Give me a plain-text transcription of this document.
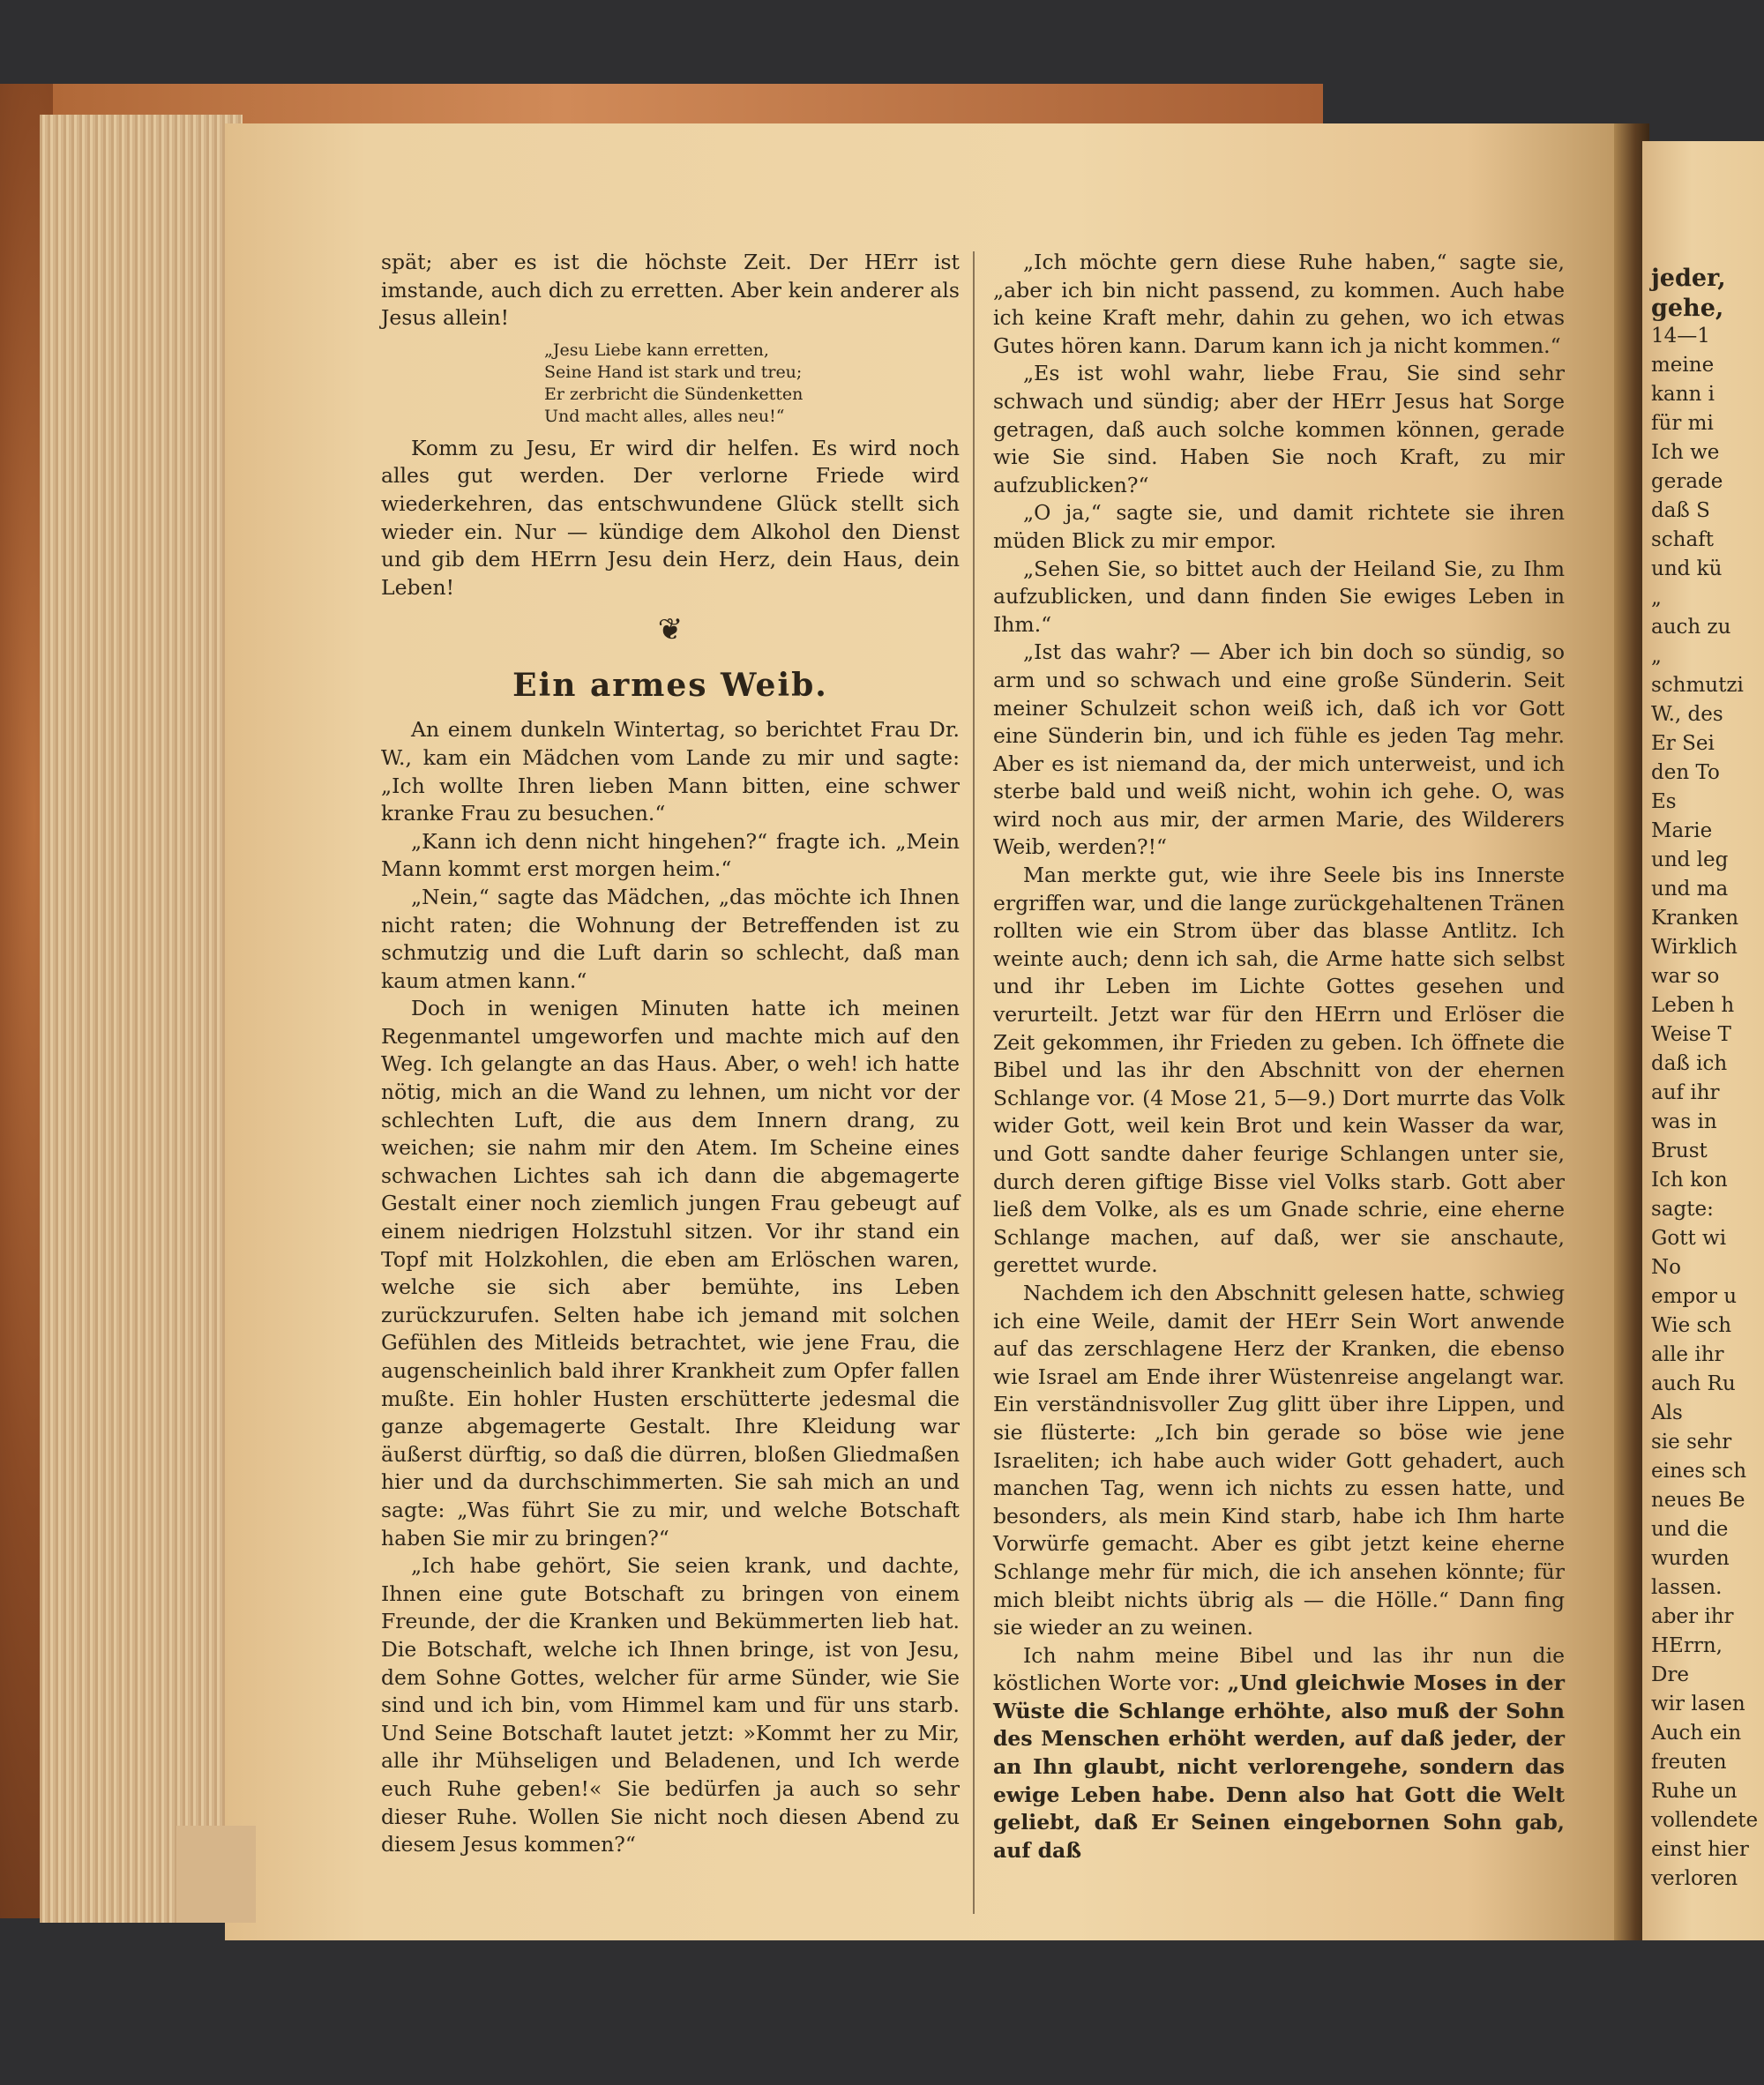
jeder,
gehe,
14—1
meine
kann i
für mi
Ich we
gerade
daß S
schaft
und kü
„
auch zu
„
schmutzi
W., des
Er Sei
den To
Es
Marie
und leg
und ma
Kranken
Wirklich
war so
Leben h
Weise T
daß ich
auf ihr
was in
Brust
Ich kon
sagte:
Gott wi
No
empor u
Wie sch
alle ihr
auch Ru
Als
sie sehr
eines sch
neues Be
und die
wurden
lassen.
aber ihr
HErrn,
Dre
wir lasen
Auch ein
freuten
Ruhe un
vollendete
einst hier
verloren

spät; aber es ist die höchste Zeit. Der HErr ist imstande, auch dich zu erretten. Aber kein anderer als Jesus allein!

„Jesu Liebe kann erretten,
Seine Hand ist stark und treu;
Er zerbricht die Sündenketten
Und macht alles, alles neu!“

Komm zu Jesu, Er wird dir helfen. Es wird noch alles gut werden. Der verlorne Friede wird wiederkehren, das entschwundene Glück stellt sich wieder ein. Nur — kündige dem Alkohol den Dienst und gib dem HErrn Jesu dein Herz, dein Haus, dein Leben!

❦
Ein armes Weib.

An einem dunkeln Wintertag, so berichtet Frau Dr. W., kam ein Mädchen vom Lande zu mir und sagte: „Ich wollte Ihren lieben Mann bitten, eine schwer kranke Frau zu besuchen.“

„Kann ich denn nicht hingehen?“ fragte ich. „Mein Mann kommt erst morgen heim.“

„Nein,“ sagte das Mädchen, „das möchte ich Ihnen nicht raten; die Wohnung der Betreffenden ist zu schmutzig und die Luft darin so schlecht, daß man kaum atmen kann.“

Doch in wenigen Minuten hatte ich meinen Regenmantel umgeworfen und machte mich auf den Weg. Ich gelangte an das Haus. Aber, o weh! ich hatte nötig, mich an die Wand zu lehnen, um nicht vor der schlechten Luft, die aus dem Innern drang, zu weichen; sie nahm mir den Atem. Im Scheine eines schwachen Lichtes sah ich dann die abgemagerte Gestalt einer noch ziemlich jungen Frau gebeugt auf einem niedrigen Holzstuhl sitzen. Vor ihr stand ein Topf mit Holzkohlen, die eben am Erlöschen waren, welche sie sich aber bemühte, ins Leben zurückzurufen. Selten habe ich jemand mit solchen Gefühlen des Mitleids betrachtet, wie jene Frau, die augenscheinlich bald ihrer Krankheit zum Opfer fallen mußte. Ein hohler Husten erschütterte jedesmal die ganze abgemagerte Gestalt. Ihre Kleidung war äußerst dürftig, so daß die dürren, bloßen Gliedmaßen hier und da durchschimmerten. Sie sah mich an und sagte: „Was führt Sie zu mir, und welche Botschaft haben Sie mir zu bringen?“

„Ich habe gehört, Sie seien krank, und dachte, Ihnen eine gute Botschaft zu bringen von einem Freunde, der die Kranken und Bekümmerten lieb hat. Die Botschaft, welche ich Ihnen bringe, ist von Jesu, dem Sohne Gottes, welcher für arme Sünder, wie Sie sind und ich bin, vom Himmel kam und für uns starb. Und Seine Botschaft lautet jetzt: »Kommt her zu Mir, alle ihr Mühseligen und Beladenen, und Ich werde euch Ruhe geben!« Sie bedürfen ja auch so sehr dieser Ruhe. Wollen Sie nicht noch diesen Abend zu diesem Jesus kommen?“

„Ich möchte gern diese Ruhe haben,“ sagte sie, „aber ich bin nicht passend, zu kommen. Auch habe ich keine Kraft mehr, dahin zu gehen, wo ich etwas Gutes hören kann. Darum kann ich ja nicht kommen.“

„Es ist wohl wahr, liebe Frau, Sie sind sehr schwach und sündig; aber der HErr Jesus hat Sorge getragen, daß auch solche kommen können, gerade wie Sie sind. Haben Sie noch Kraft, zu mir aufzublicken?“

„O ja,“ sagte sie, und damit richtete sie ihren müden Blick zu mir empor.

„Sehen Sie, so bittet auch der Heiland Sie, zu Ihm aufzublicken, und dann finden Sie ewiges Leben in Ihm.“

„Ist das wahr? — Aber ich bin doch so sündig, so arm und so schwach und eine große Sünderin. Seit meiner Schulzeit schon weiß ich, daß ich vor Gott eine Sünderin bin, und ich fühle es jeden Tag mehr. Aber es ist niemand da, der mich unterweist, und ich sterbe bald und weiß nicht, wohin ich gehe. O, was wird noch aus mir, der armen Marie, des Wilderers Weib, werden?!“

Man merkte gut, wie ihre Seele bis ins Innerste ergriffen war, und die lange zurückgehaltenen Tränen rollten wie ein Strom über das blasse Antlitz. Ich weinte auch; denn ich sah, die Arme hatte sich selbst und ihr Leben im Lichte Gottes gesehen und verurteilt. Jetzt war für den HErrn und Erlöser die Zeit gekommen, ihr Frieden zu geben. Ich öffnete die Bibel und las ihr den Abschnitt von der ehernen Schlange vor. (4 Mose 21, 5—9.) Dort murrte das Volk wider Gott, weil kein Brot und kein Wasser da war, und Gott sandte daher feurige Schlangen unter sie, durch deren giftige Bisse viel Volks starb. Gott aber ließ dem Volke, als es um Gnade schrie, eine eherne Schlange machen, auf daß, wer sie anschaute, gerettet wurde.

Nachdem ich den Abschnitt gelesen hatte, schwieg ich eine Weile, damit der HErr Sein Wort anwende auf das zerschlagene Herz der Kranken, die ebenso wie Israel am Ende ihrer Wüstenreise angelangt war. Ein verständnisvoller Zug glitt über ihre Lippen, und sie flüsterte: „Ich bin gerade so böse wie jene Israeliten; ich habe auch wider Gott gehadert, auch manchen Tag, wenn ich nichts zu essen hatte, und besonders, als mein Kind starb, habe ich Ihm harte Vorwürfe gemacht. Aber es gibt jetzt keine eherne Schlange mehr für mich, die ich ansehen könnte; für mich bleibt nichts übrig als — die Hölle.“ Dann fing sie wieder an zu weinen.

Ich nahm meine Bibel und las ihr nun die köstlichen Worte vor: „Und gleichwie Moses in der Wüste die Schlange erhöhte, also muß der Sohn des Menschen erhöht werden, auf daß jeder, der an Ihn glaubt, nicht verlorengehe, sondern das ewige Leben habe. Denn also hat Gott die Welt geliebt, daß Er Seinen eingebornen Sohn gab, auf daß
